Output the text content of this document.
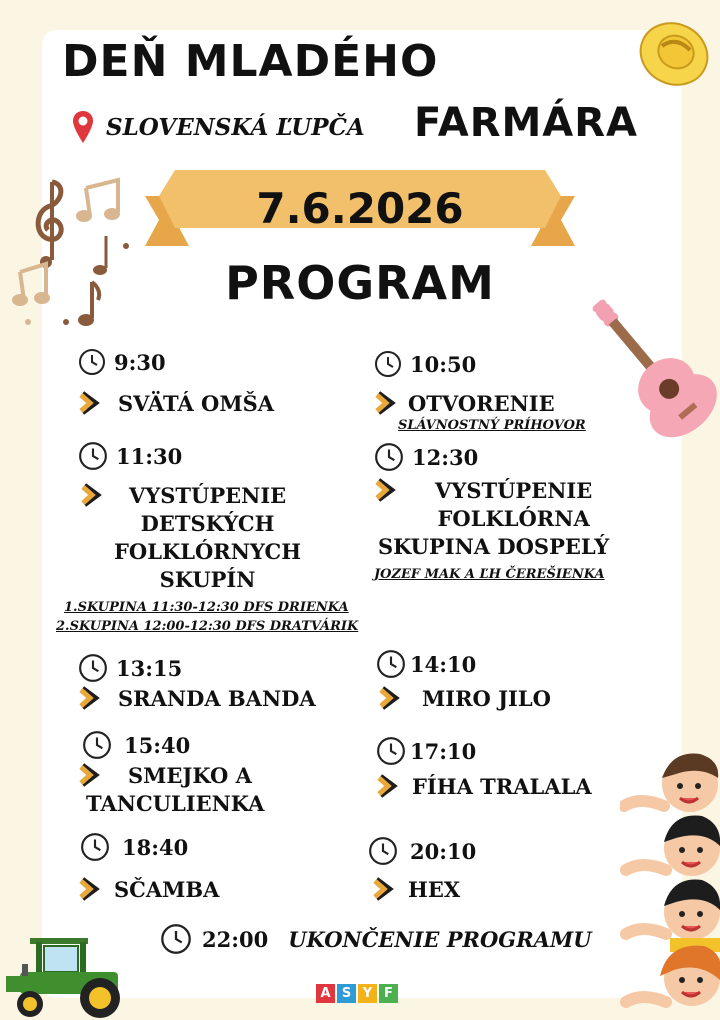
DEŇ MLADÉHO
SLOVENSKÁ ĽUPČA FARMÁRA
7.6.2026
PROGRAM
9:30
SVÄTÁ OMŠA
10:50
OTVORENIE
SLÁVNOSTNÝ PRÍHOVOR
11:30
VYSTÚPENIE
DETSKÝCH
FOLKLÓRNYCH
SKUPÍN
1.SKUPINA 11:30-12:30 DFS DRIENKA
2.SKUPINA 12:00-12:30 DFS DRATVÁRIK
12:30
VYSTÚPENIE
FOLKLÓRNA
SKUPINA DOSPELÝ
JOZEF MAK A ĽH ČEREŠIENKA
13:15
SRANDA BANDA
14:10
MIRO JILO
15:40
SMEJKO A
TANCULIENKA
17:10
FÍHA TRALALA
18:40
SČAMBA
20:10
HEX
22:00 UKONČENIE PROGRAMU
A S Y F
